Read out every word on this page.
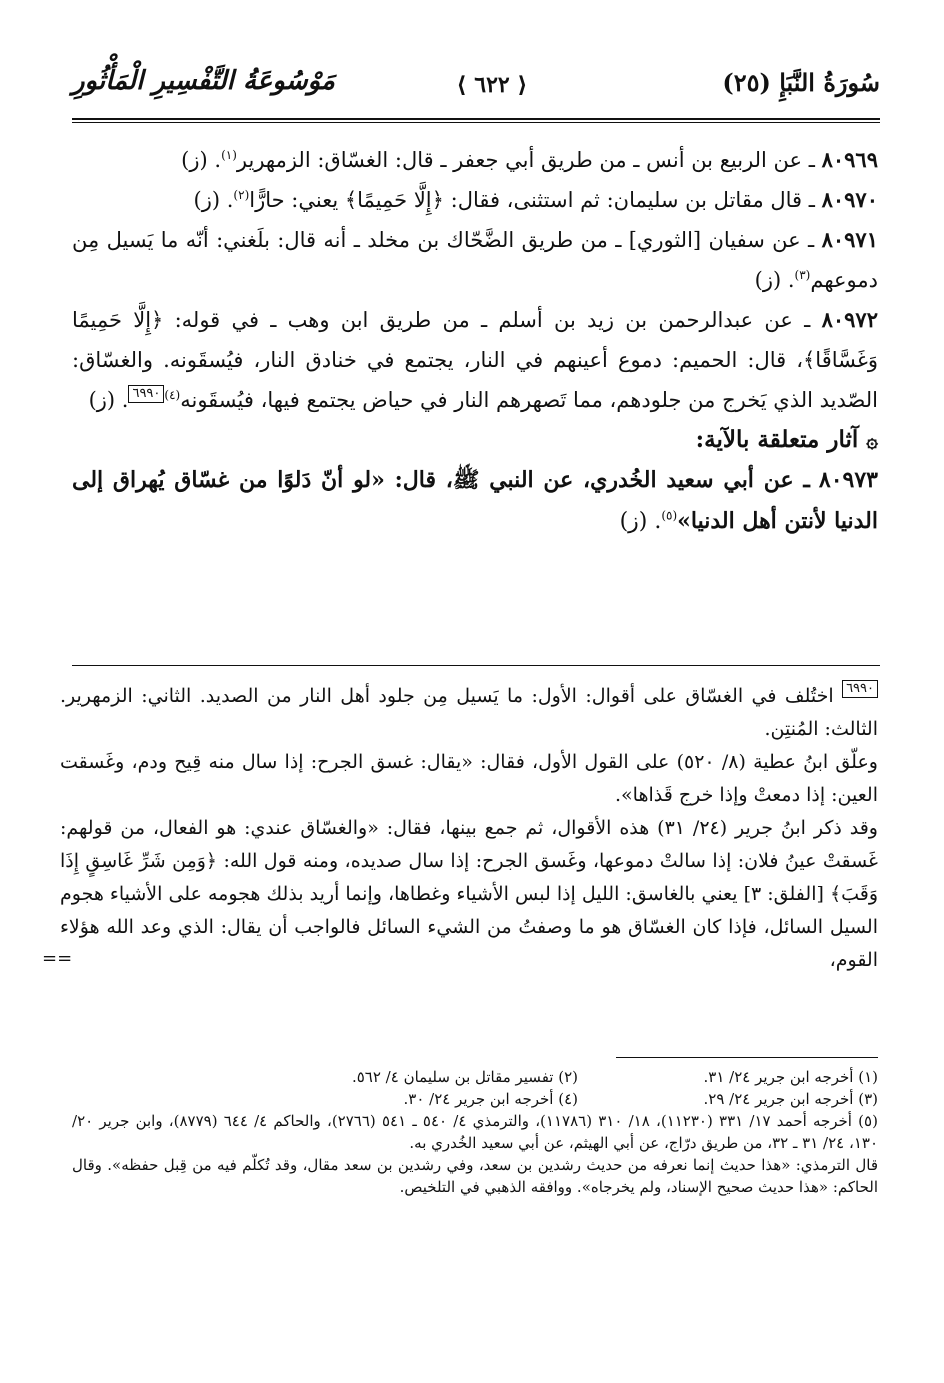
سُورَةُ النَّبَإِ (٢٥)
⟨ ٦٢٢ ⟩
مَوْسُوعَةُ التَّفْسِيرِ الْمَأْثُورِ

٨٠٩٦٩ ـ عن الربيع بن أنس ـ من طريق أبي جعفر ـ قال: الغسّاق: الزمهرير$^{(١)}$. (ز)

٨٠٩٧٠ ـ قال مقاتل بن سليمان: ثم استثنى، فقال: ﴿إِلَّا حَمِيمًا﴾ يعني: حارًّا$^{(٢)}$. (ز)

٨٠٩٧١ ـ عن سفيان [الثوري] ـ من طريق الضَّحّاك بن مخلد ـ أنه قال: بلَغني: أنّه ما يَسيل مِن دموعهم$^{(٣)}$. (ز)

٨٠٩٧٢ ـ عن عبدالرحمن بن زيد بن أسلم ـ من طريق ابن وهب ـ في قوله: ﴿إِلَّا حَمِيمًا وَغَسَّاقًا﴾، قال: الحميم: دموع أعينهم في النار، يجتمع في خنادق النار، فيُسقَونه. والغسّاق: الصّديد الذي يَخرج من جلودهم، مما تَصهرهم النار في حياض يجتمع فيها، فيُسقَونه$^{(٤)}$٦٩٩٠. (ز)

۞ آثار متعلقة بالآية:

٨٠٩٧٣ ـ عن أبي سعيد الخُدري، عن النبي ﷺ، قال: «لو أنّ دَلوًا من غسّاق يُهراق إلى الدنيا لأنتن أهل الدنيا»$^{(٥)}$. (ز)

٦٩٩٠ اختُلف في الغسّاق على أقوال: الأول: ما يَسيل مِن جلود أهل النار من الصديد. الثاني: الزمهرير. الثالث: المُنتِن.

وعلّق ابنُ عطية (٨/ ٥٢٠) على القول الأول، فقال: «يقال: غسق الجرح: إذا سال منه قِيح ودم، وغَسقت العين: إذا دمعتْ وإذا خرج قَذاها».

وقد ذكر ابنُ جرير (٢٤/ ٣١) هذه الأقوال، ثم جمع بينها، فقال: «والغسّاق عندي: هو الفعال، من قولهم: غَسقتْ عينُ فلان: إذا سالتْ دموعها، وغَسق الجرح: إذا سال صديده، ومنه قول الله: ﴿وَمِن شَرِّ غَاسِقٍ إِذَا وَقَبَ﴾ [الفلق: ٣] يعني بالغاسق: الليل إذا لبس الأشياء وغطاها، وإنما أريد بذلك هجومه على الأشياء هجوم السيل السائل، فإذا كان الغسّاق هو ما وصفتُ من الشيء السائل فالواجب أن يقال: الذي وعد الله هؤلاء القوم،

==
(١) أخرجه ابن جرير ٢٤/ ٣١.
(٢) تفسير مقاتل بن سليمان ٤/ ٥٦٢.
(٣) أخرجه ابن جرير ٢٤/ ٢٩.
(٤) أخرجه ابن جرير ٢٤/ ٣٠.

(٥) أخرجه أحمد ١٧/ ٣٣١ (١١٢٣٠)، ١٨/ ٣١٠ (١١٧٨٦)، والترمذي ٤/ ٥٤٠ ـ ٥٤١ (٢٧٦٦)، والحاكم ٤/ ٦٤٤ (٨٧٧٩)، وابن جرير ٢٠/ ١٣٠، ٢٤/ ٣١ ـ ٣٢، من طريق درّاج، عن أبي الهيثم، عن أبي سعيد الخُدري به.

قال الترمذي: «هذا حديث إنما نعرفه من حديث رشدين بن سعد، وفي رشدين بن سعد مقال، وقد تُكلّم فيه من قِبل حفظه». وقال الحاكم: «هذا حديث صحيح الإسناد، ولم يخرجاه». ووافقه الذهبي في التلخيص.
